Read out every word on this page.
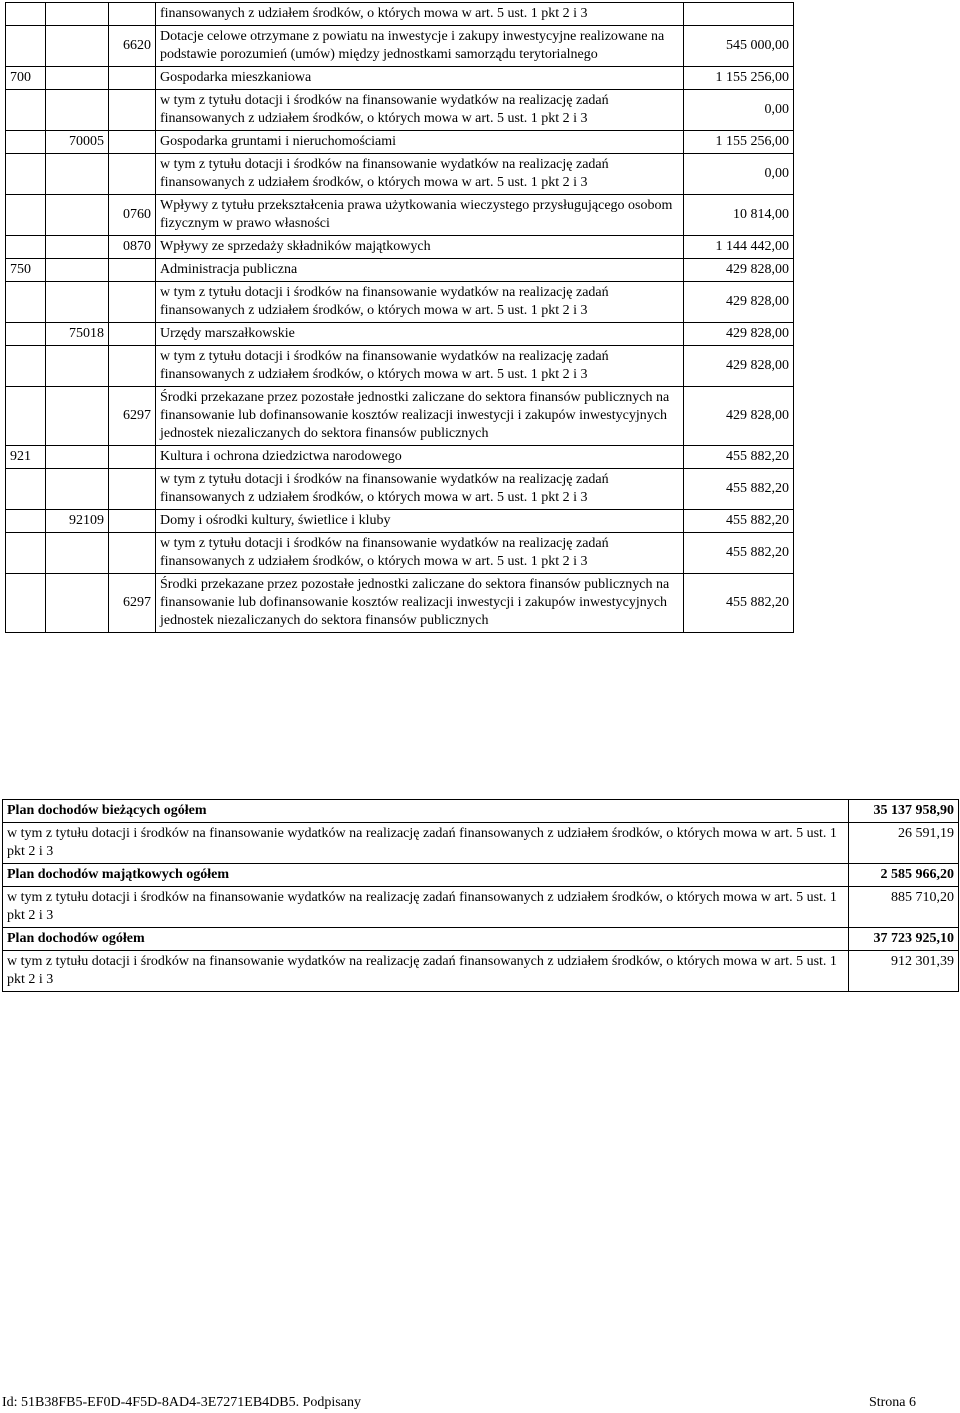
			finansowanych z udziałem środków, o których mowa w art. 5 ust. 1 pkt 2 i 3	
		6620	Dotacje celowe otrzymane z powiatu na inwestycje i zakupy inwestycyjne realizowane na podstawie porozumień (umów) między jednostkami samorządu terytorialnego	545 000,00
700			Gospodarka mieszkaniowa	1 155 256,00
			w tym z tytułu dotacji i środków na finansowanie wydatków na realizację zadań finansowanych z udziałem środków, o których mowa w art. 5 ust. 1 pkt 2 i 3	0,00
	70005		Gospodarka gruntami i nieruchomościami	1 155 256,00
			w tym z tytułu dotacji i środków na finansowanie wydatków na realizację zadań finansowanych z udziałem środków, o których mowa w art. 5 ust. 1 pkt 2 i 3	0,00
		0760	Wpływy z tytułu przekształcenia prawa użytkowania wieczystego przysługującego osobom fizycznym w prawo własności	10 814,00
		0870	Wpływy ze sprzedaży składników majątkowych	1 144 442,00
750			Administracja publiczna	429 828,00
			w tym z tytułu dotacji i środków na finansowanie wydatków na realizację zadań finansowanych z udziałem środków, o których mowa w art. 5 ust. 1 pkt 2 i 3	429 828,00
	75018		Urzędy marszałkowskie	429 828,00
			w tym z tytułu dotacji i środków na finansowanie wydatków na realizację zadań finansowanych z udziałem środków, o których mowa w art. 5 ust. 1 pkt 2 i 3	429 828,00
		6297	Środki przekazane przez pozostałe jednostki zaliczane do sektora finansów publicznych na finansowanie lub dofinansowanie kosztów realizacji inwestycji i zakupów inwestycyjnych jednostek niezaliczanych do sektora finansów publicznych	429 828,00
921			Kultura i ochrona dziedzictwa narodowego	455 882,20
			w tym z tytułu dotacji i środków na finansowanie wydatków na realizację zadań finansowanych z udziałem środków, o których mowa w art. 5 ust. 1 pkt 2 i 3	455 882,20
	92109		Domy i ośrodki kultury, świetlice i kluby	455 882,20
			w tym z tytułu dotacji i środków na finansowanie wydatków na realizację zadań finansowanych z udziałem środków, o których mowa w art. 5 ust. 1 pkt 2 i 3	455 882,20
		6297	Środki przekazane przez pozostałe jednostki zaliczane do sektora finansów publicznych na finansowanie lub dofinansowanie kosztów realizacji inwestycji i zakupów inwestycyjnych jednostek niezaliczanych do sektora finansów publicznych	455 882,20
Plan dochodów bieżących ogółem	35 137 958,90
w tym z tytułu dotacji i środków na finansowanie wydatków na realizację zadań finansowanych z udziałem środków, o których mowa w art. 5 ust. 1 pkt 2 i 3	26 591,19
Plan dochodów majątkowych ogółem	2 585 966,20
w tym z tytułu dotacji i środków na finansowanie wydatków na realizację zadań finansowanych z udziałem środków, o których mowa w art. 5 ust. 1 pkt 2 i 3	885 710,20
Plan dochodów ogółem	37 723 925,10
w tym z tytułu dotacji i środków na finansowanie wydatków na realizację zadań finansowanych z udziałem środków, o których mowa w art. 5 ust. 1 pkt 2 i 3	912 301,39
Id: 51B38FB5-EF0D-4F5D-8AD4-3E7271EB4DB5. Podpisany	Strona 6
